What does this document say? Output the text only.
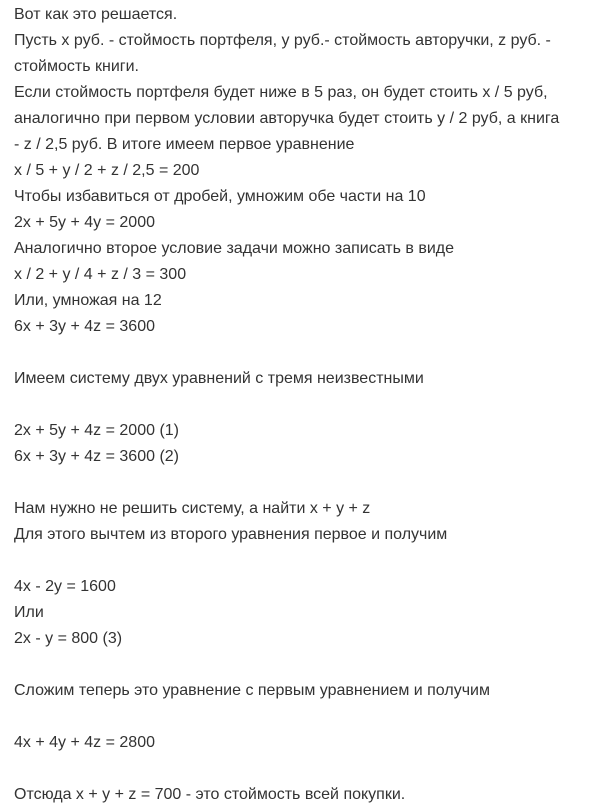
Вот как это решается.
Пусть х руб. - стоймость портфеля, у руб.- стоймость авторучки, z руб. -
стоймость книги.
Если стоймость портфеля будет ниже в 5 раз, он будет стоить х / 5 руб,
аналогично при первом условии авторучка будет стоить у / 2 руб, а книга
- z / 2,5 руб. В итоге имеем первое уравнение
х / 5 + у / 2 + z / 2,5 = 200
Чтобы избавиться от дробей, умножим обе части на 10
2х + 5у + 4у = 2000
Аналогично второе условие задачи можно записать в виде
х / 2 + у / 4 + z / 3 = 300
Или, умножая на 12
6х + 3у + 4z = 3600
Имеем систему двух уравнений с тремя неизвестными
2х + 5у + 4z = 2000 (1)
6х + 3у + 4z = 3600 (2)
Нам нужно не решить систему, а найти х + у + z
Для этого вычтем из второго уравнения первое и получим
4х - 2у = 1600
Или
2х - у = 800 (3)
Сложим теперь это уравнение с первым уравнением и получим
4х + 4у + 4z = 2800
Отсюда х + у + z = 700 - это стоймость всей покупки.
